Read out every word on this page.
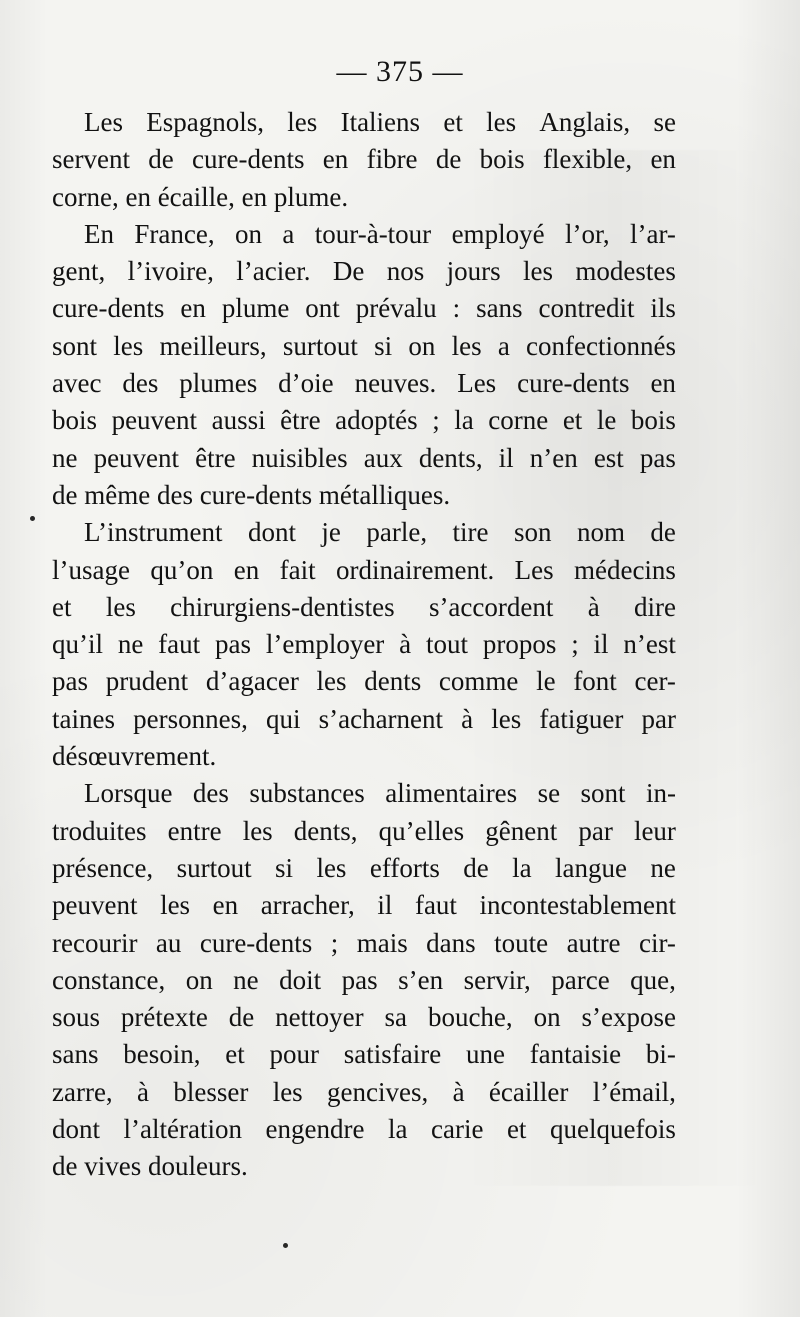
— 375 —
Les Espagnols, les Italiens et les Anglais, se
servent de cure-dents en fibre de bois flexible, en
corne, en écaille, en plume.
En France, on a tour-à-tour employé l’or, l’ar-
gent, l’ivoire, l’acier. De nos jours les modestes
cure-dents en plume ont prévalu : sans contredit ils
sont les meilleurs, surtout si on les a confectionnés
avec des plumes d’oie neuves. Les cure-dents en
bois peuvent aussi être adoptés ; la corne et le bois
ne peuvent être nuisibles aux dents, il n’en est pas
de même des cure-dents métalliques.
L’instrument dont je parle, tire son nom de
l’usage qu’on en fait ordinairement. Les médecins
et les chirurgiens-dentistes s’accordent à dire
qu’il ne faut pas l’employer à tout propos ; il n’est
pas prudent d’agacer les dents comme le font cer-
taines personnes, qui s’acharnent à les fatiguer par
désœuvrement.
Lorsque des substances alimentaires se sont in-
troduites entre les dents, qu’elles gênent par leur
présence, surtout si les efforts de la langue ne
peuvent les en arracher, il faut incontestablement
recourir au cure-dents ; mais dans toute autre cir-
constance, on ne doit pas s’en servir, parce que,
sous prétexte de nettoyer sa bouche, on s’expose
sans besoin, et pour satisfaire une fantaisie bi-
zarre, à blesser les gencives, à écailler l’émail,
dont l’altération engendre la carie et quelquefois
de vives douleurs.
